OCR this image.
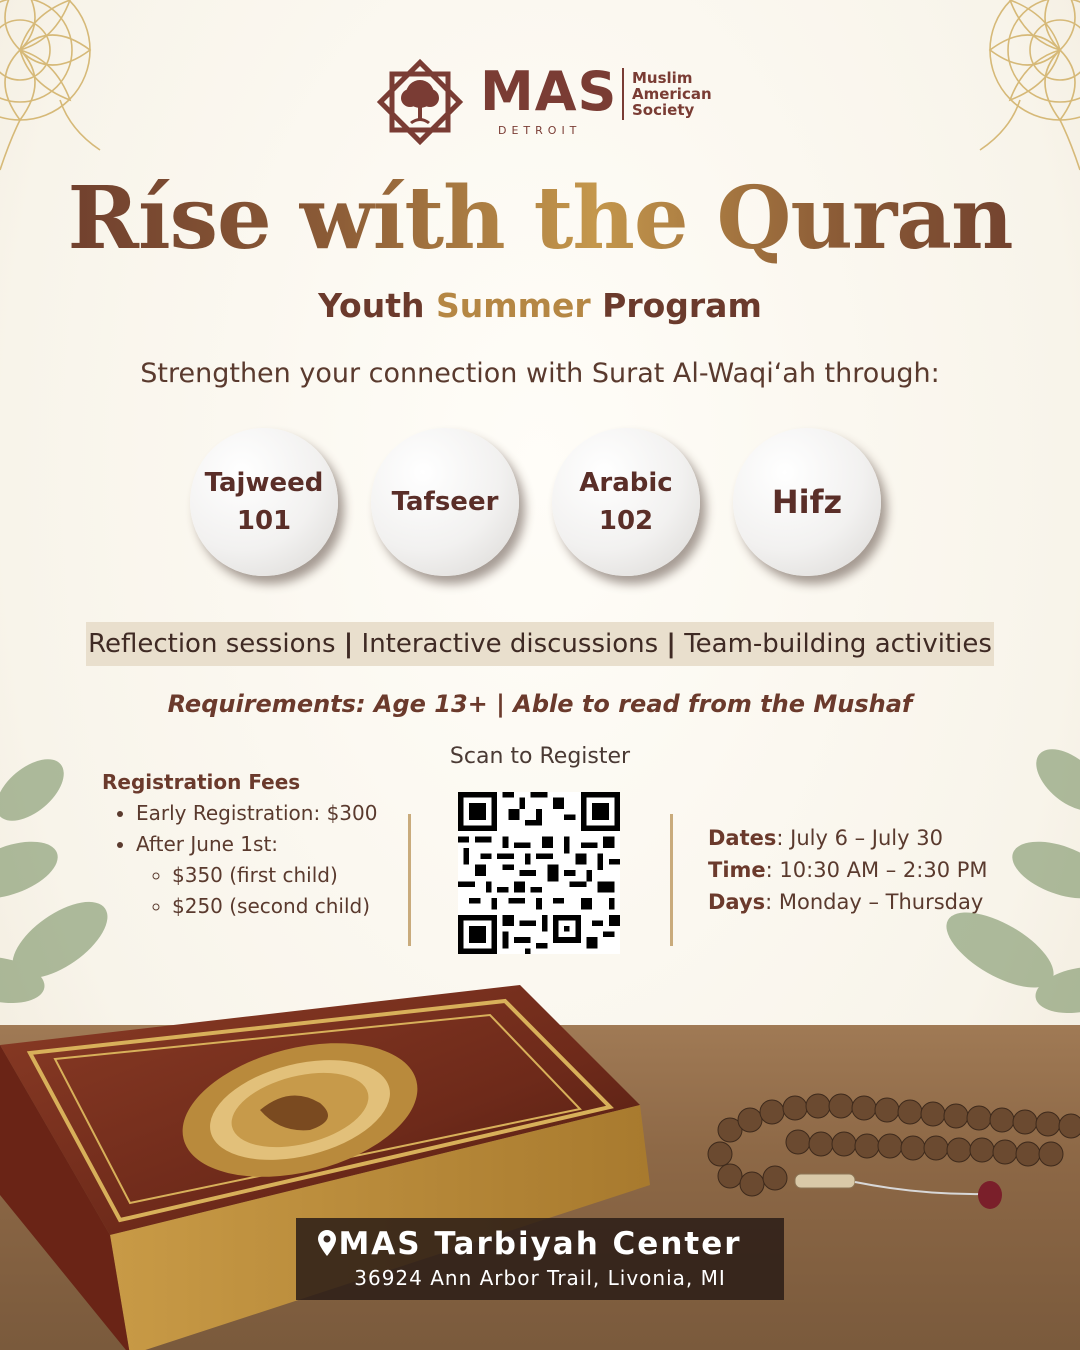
MAS
DETROIT
Muslim
American
Society
Ríse wíth the Quran
Youth Summer Program
Strengthen your connection with Surat Al-Waqi‘ah through:
Tajweed
101
Tafseer
Arabic
102	Hifz
Reflection sessions | Interactive discussions | Team-building activities
Requirements: Age 13+ | Able to read from the Mushaf
Scan to Register
Registration Fees
• Early Registration: $300
• After June 1st:
◦ $350 (first child)
◦ $250 (second child)
Dates: July 6 – July 30
Time: 10:30 AM – 2:30 PM
Days: Monday – Thursday
MAS Tarbiyah Center
36924 Ann Arbor Trail, Livonia, MI
